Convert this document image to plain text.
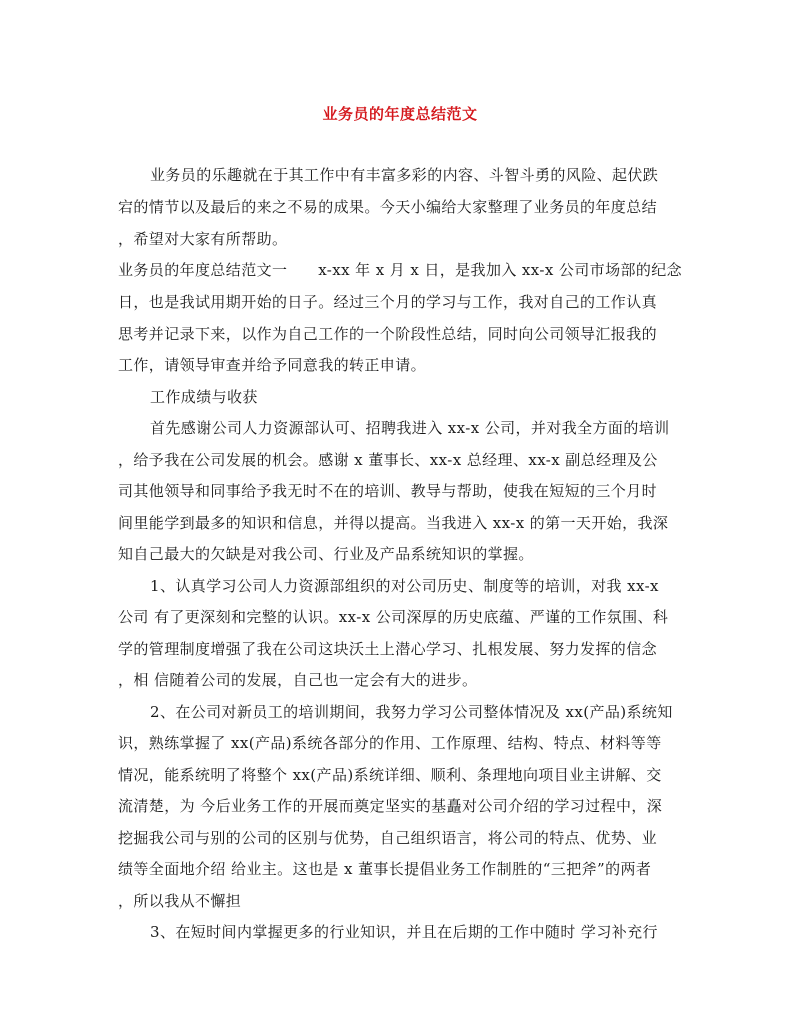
业务员的年度总结范文
业务员的乐趣就在于其工作中有丰富多彩的内容、斗智斗勇的风险、起伏跌
宕的情节以及最后的来之不易的成果。今天小编给大家整理了业务员的年度总结
，希望对大家有所帮助。
业务员的年度总结范文一　　x-xx 年 x 月 x 日，是我加入 xx-x 公司市场部的纪念
日，也是我试用期开始的日子。经过三个月的学习与工作，我对自己的工作认真
思考并记录下来，以作为自己工作的一个阶段性总结，同时向公司领导汇报我的
工作，请领导审查并给予同意我的转正申请。
工作成绩与收获
首先感谢公司人力资源部认可、招聘我进入 xx-x 公司，并对我全方面的培训
，给予我在公司发展的机会。感谢 x 董事长、xx-x 总经理、xx-x 副总经理及公
司其他领导和同事给予我无时不在的培训、教导与帮助，使我在短短的三个月时
间里能学到最多的知识和信息，并得以提高。当我进入 xx-x 的第一天开始，我深
知自己最大的欠缺是对我公司、行业及产品系统知识的掌握。
1、认真学习公司人力资源部组织的对公司历史、制度等的培训，对我 xx-x
公司 有了更深刻和完整的认识。xx-x 公司深厚的历史底蕴、严谨的工作氛围、科
学的管理制度增强了我在公司这块沃土上潜心学习、扎根发展、努力发挥的信念
，相 信随着公司的发展，自己也一定会有大的进步。
2、在公司对新员工的培训期间，我努力学习公司整体情况及 xx(产品)系统知
识，熟练掌握了 xx(产品)系统各部分的作用、工作原理、结构、特点、材料等等
情况，能系统明了将整个 xx(产品)系统详细、顺利、条理地向项目业主讲解、交
流清楚，为 今后业务工作的开展而奠定坚实的基矗对公司介绍的学习过程中，深
挖掘我公司与别的公司的区别与优势，自己组织语言，将公司的特点、优势、业
绩等全面地介绍 给业主。这也是 x 董事长提倡业务工作制胜的“三把斧”的两者
，所以我从不懈担
3、在短时间内掌握更多的行业知识，并且在后期的工作中随时 学习补充行
